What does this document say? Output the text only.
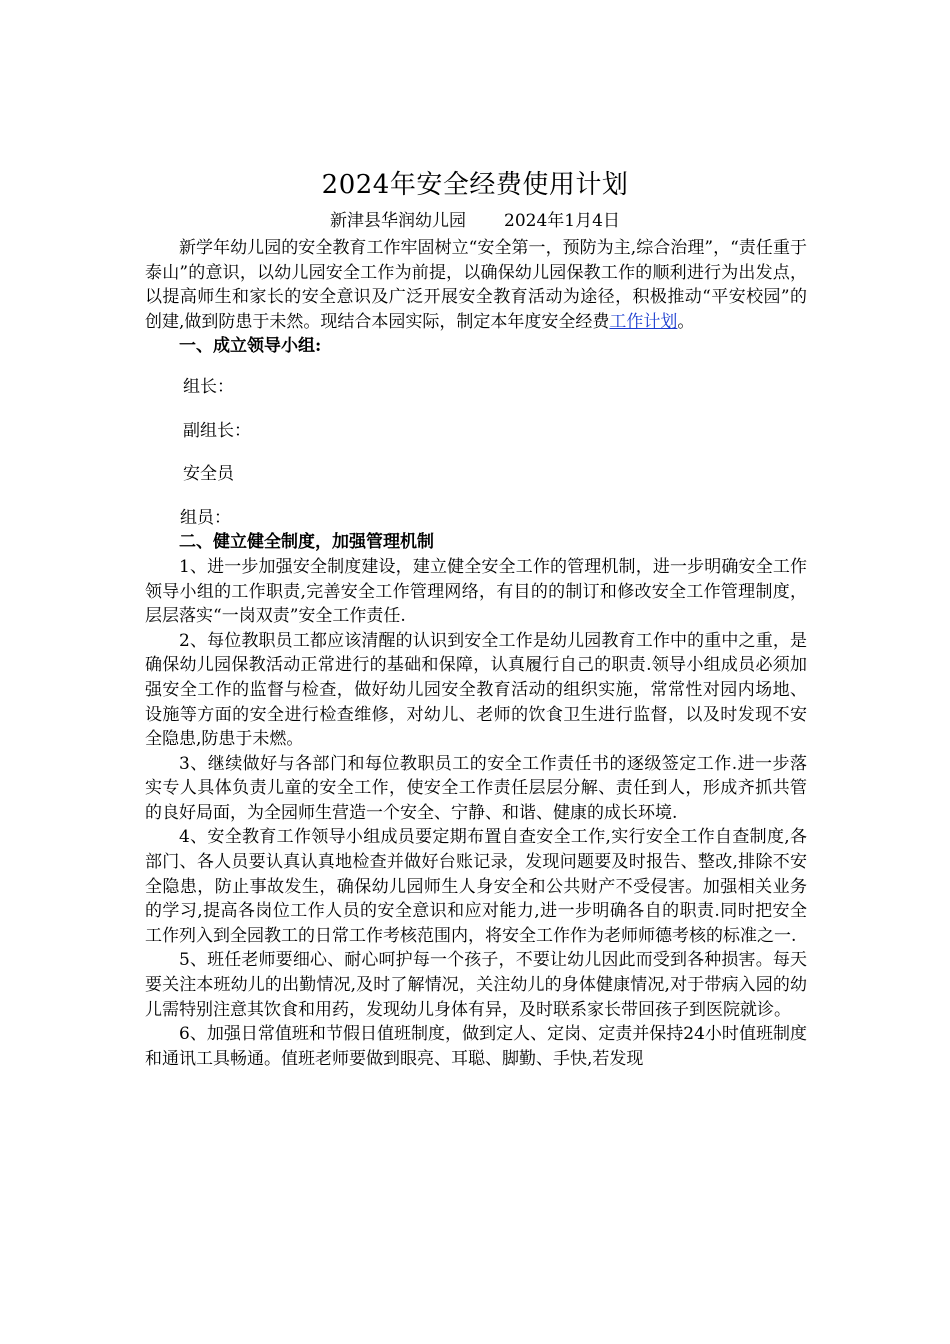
2024年安全经费使用计划
新津县华润幼儿园 2024年1月4日

新学年幼儿园的安全教育工作牢固树立“安全第一，预防为主,综合治理”，“责任重于泰山”的意识，以幼儿园安全工作为前提，以确保幼儿园保教工作的顺利进行为出发点，以提高师生和家长的安全意识及广泛开展安全教育活动为途径，积极推动“平安校园”的创建,做到防患于未然。现结合本园实际，制定本年度安全经费工作计划。

一、成立领导小组:

组长：
副组长：
安全员
组员：

二、健立健全制度，加强管理机制

1、进一步加强安全制度建设，建立健全安全工作的管理机制，进一步明确安全工作领导小组的工作职责,完善安全工作管理网络，有目的的制订和修改安全工作管理制度，层层落实“一岗双责”安全工作责任.

2、每位教职员工都应该清醒的认识到安全工作是幼儿园教育工作中的重中之重，是确保幼儿园保教活动正常进行的基础和保障，认真履行自己的职责.领导小组成员必须加强安全工作的监督与检查，做好幼儿园安全教育活动的组织实施，常常性对园内场地、设施等方面的安全进行检查维修，对幼儿、老师的饮食卫生进行监督，以及时发现不安全隐患,防患于未燃。

3、继续做好与各部门和每位教职员工的安全工作责任书的逐级签定工作.进一步落实专人具体负责儿童的安全工作，使安全工作责任层层分解、责任到人，形成齐抓共管的良好局面，为全园师生营造一个安全、宁静、和谐、健康的成长环境.

4、安全教育工作领导小组成员要定期布置自查安全工作,实行安全工作自查制度,各部门、各人员要认真认真地检查并做好台账记录，发现问题要及时报告、整改,排除不安全隐患，防止事故发生，确保幼儿园师生人身安全和公共财产不受侵害。加强相关业务的学习,提高各岗位工作人员的安全意识和应对能力,进一步明确各自的职责.同时把安全工作列入到全园教工的日常工作考核范围内，将安全工作作为老师师德考核的标准之一.

5、班任老师要细心、耐心呵护每一个孩子，不要让幼儿因此而受到各种损害。每天要关注本班幼儿的出勤情况,及时了解情况，关注幼儿的身体健康情况,对于带病入园的幼儿需特别注意其饮食和用药，发现幼儿身体有异，及时联系家长带回孩子到医院就诊。

6、加强日常值班和节假日值班制度，做到定人、定岗、定责并保持24小时值班制度和通讯工具畅通。值班老师要做到眼亮、耳聪、脚勤、手快,若发现
